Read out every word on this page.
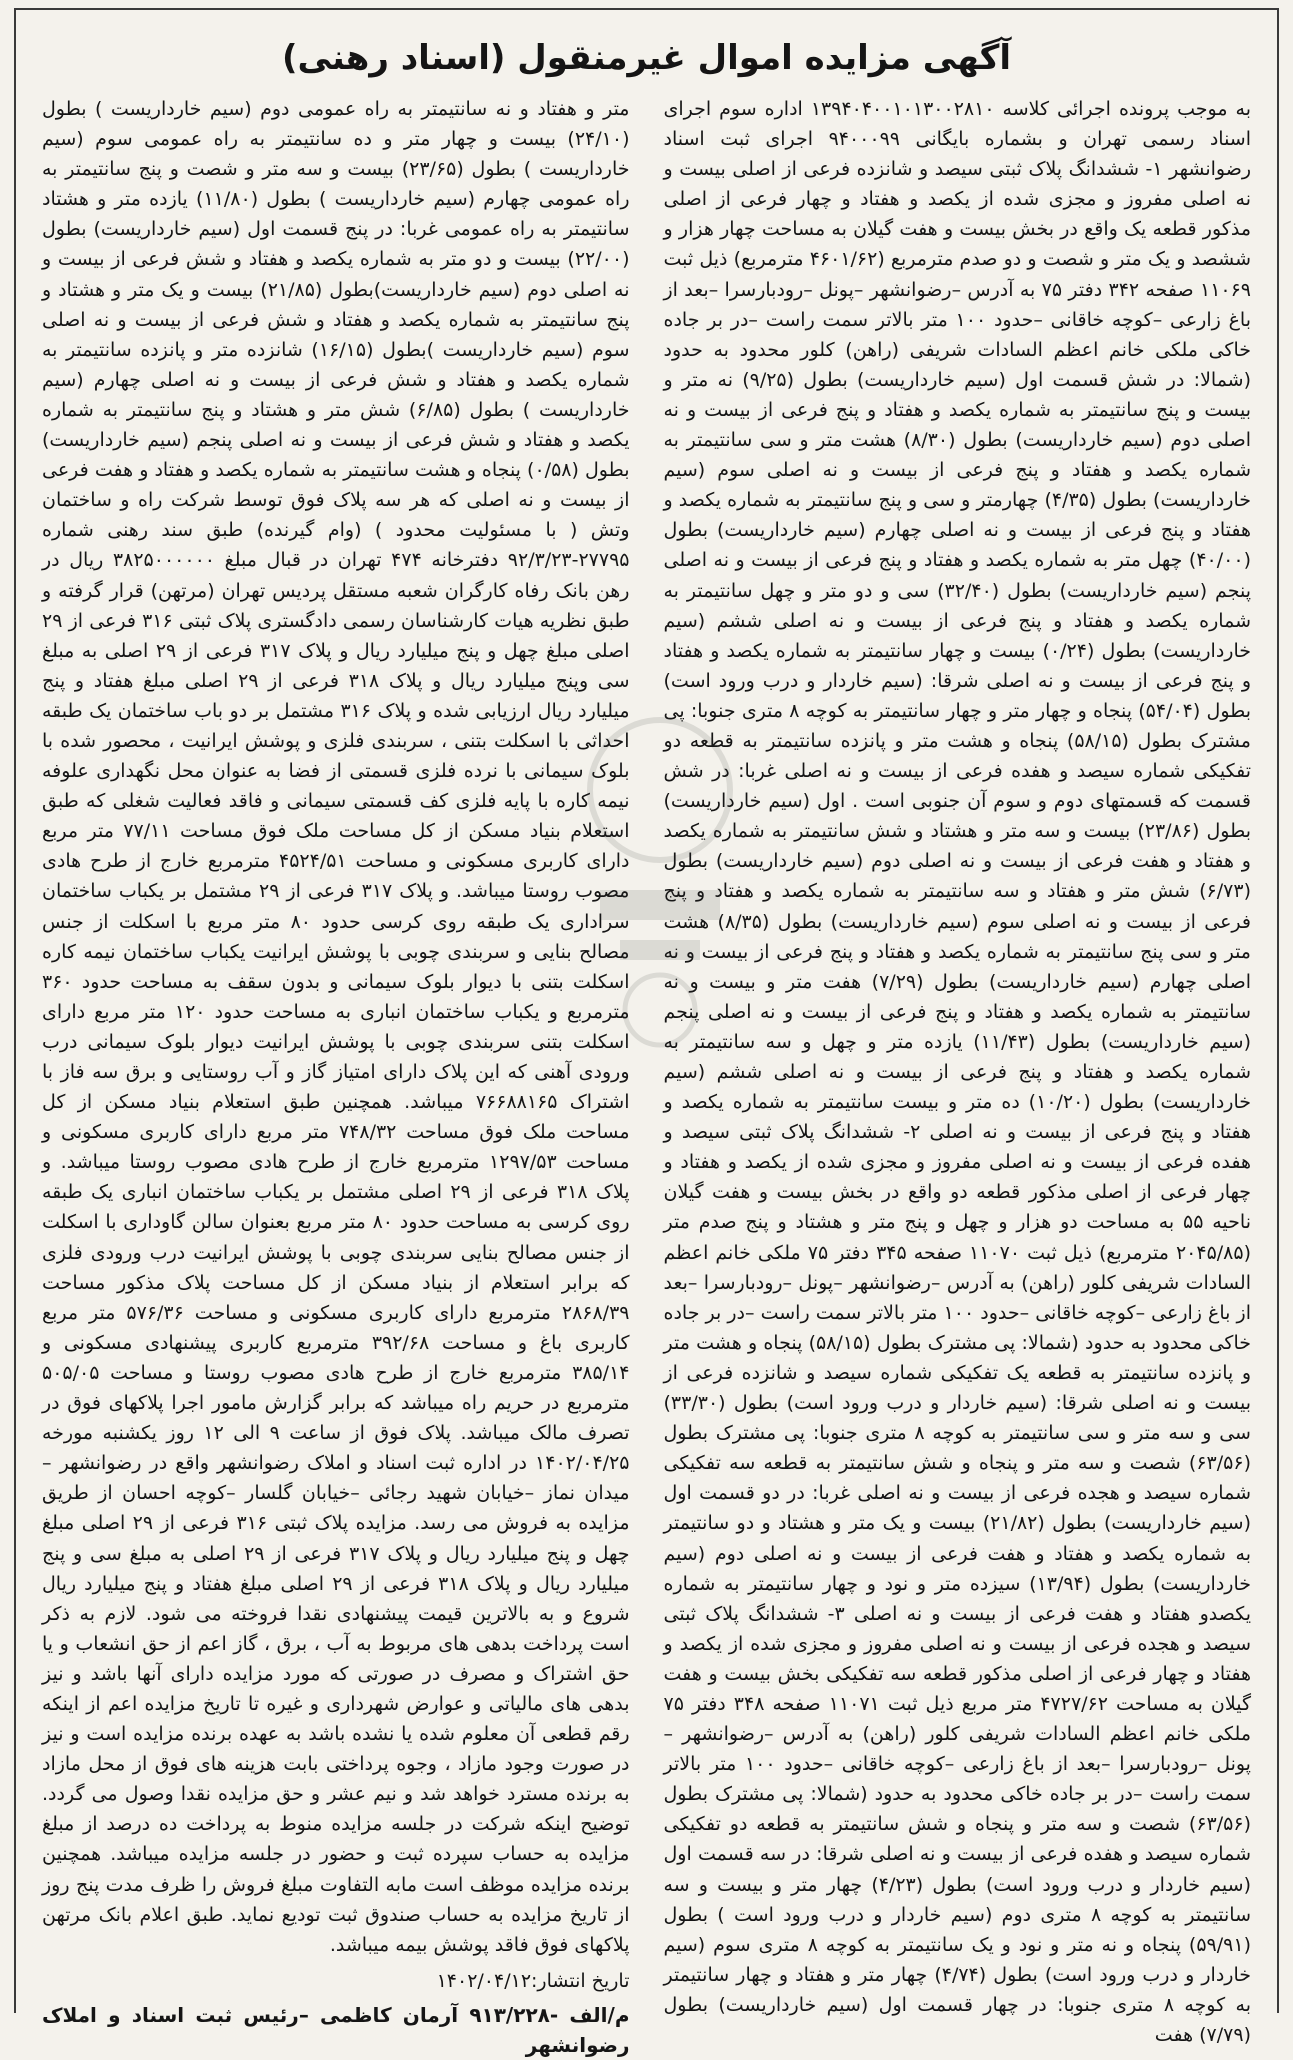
آگهی مزایده اموال غیرمنقول (اسناد رهنی)

به موجب پرونده اجرائی کلاسه ۱۳۹۴۰۴۰۰۱۰۱۳۰۰۲۸۱۰ اداره سوم اجرای اسناد رسمی تهران و بشماره بایگانی ۹۴۰۰۰۹۹ اجرای ثبت اسناد رضوانشهر ۱- ششدانگ پلاک ثبتی سیصد و شانزده فرعی از اصلی بیست و نه اصلی مفروز و مجزی شده از یکصد و هفتاد و چهار فرعی از اصلی مذکور قطعه یک واقع در بخش بیست و هفت گیلان به مساحت چهار هزار و ششصد و یک متر و شصت و دو صدم مترمربع (۴۶۰۱/۶۲ مترمربع) ذیل ثبت ۱۱۰۶۹ صفحه ۳۴۲ دفتر ۷۵ به آدرس –رضوانشهر –پونل –رودبارسرا –بعد از باغ زارعی –کوچه خاقانی –حدود ۱۰۰ متر بالاتر سمت راست –در بر جاده خاکی ملکی خانم اعظم السادات شریفی (راهن) کلور محدود به حدود (شمالا: در شش قسمت اول (سیم خارداریست) بطول (۹/۲۵) نه متر و بیست و پنج سانتیمتر به شماره یکصد و هفتاد و پنج فرعی از بیست و نه اصلی دوم (سیم خارداریست) بطول (۸/۳۰) هشت متر و سی سانتیمتر به شماره یکصد و هفتاد و پنج فرعی از بیست و نه اصلی سوم (سیم خارداریست) بطول (۴/۳۵) چهارمتر و سی و پنج سانتیمتر به شماره یکصد و هفتاد و پنج فرعی از بیست و نه اصلی چهارم (سیم خارداریست) بطول (۴۰/۰۰) چهل متر به شماره یکصد و هفتاد و پنج فرعی از بیست و نه اصلی پنجم (سیم خارداریست) بطول (۳۲/۴۰) سی و دو متر و چهل سانتیمتر به شماره یکصد و هفتاد و پنج فرعی از بیست و نه اصلی ششم (سیم خارداریست) بطول (۰/۲۴) بیست و چهار سانتیمتر به شماره یکصد و هفتاد و پنج فرعی از بیست و نه اصلی شرقا: (سیم خاردار و درب ورود است) بطول (۵۴/۰۴) پنجاه و چهار متر و چهار سانتیمتر به کوچه ۸ متری جنوبا: پی مشترک بطول (۵۸/۱۵) پنجاه و هشت متر و پانزده سانتیمتر به قطعه دو تفکیکی شماره سیصد و هفده فرعی از بیست و نه اصلی غربا: در شش قسمت که قسمتهای دوم و سوم آن جنوبی است . اول (سیم خارداریست) بطول (۲۳/۸۶) بیست و سه متر و هشتاد و شش سانتیمتر به شماره یکصد و هفتاد و هفت فرعی از بیست و نه اصلی دوم (سیم خارداریست) بطول (۶/۷۳) شش متر و هفتاد و سه سانتیمتر به شماره یکصد و هفتاد و پنج فرعی از بیست و نه اصلی سوم (سیم خارداریست) بطول (۸/۳۵) هشت متر و سی پنج سانتیمتر به شماره یکصد و هفتاد و پنج فرعی از بیست و نه اصلی چهارم (سیم خارداریست) بطول (۷/۲۹) هفت متر و بیست و نه سانتیمتر به شماره یکصد و هفتاد و پنج فرعی از بیست و نه اصلی پنجم (سیم خارداریست) بطول (۱۱/۴۳) یازده متر و چهل و سه سانتیمتر به شماره یکصد و هفتاد و پنج فرعی از بیست و نه اصلی ششم (سیم خارداریست) بطول (۱۰/۲۰) ده متر و بیست سانتیمتر به شماره یکصد و هفتاد و پنج فرعی از بیست و نه اصلی ۲- ششدانگ پلاک ثبتی سیصد و هفده فرعی از بیست و نه اصلی مفروز و مجزی شده از یکصد و هفتاد و چهار فرعی از اصلی مذکور قطعه دو واقع در بخش بیست و هفت گیلان ناحیه ۵۵ به مساحت دو هزار و چهل و پنج متر و هشتاد و پنج صدم متر (۲۰۴۵/۸۵ مترمربع) ذیل ثبت ۱۱۰۷۰ صفحه ۳۴۵ دفتر ۷۵ ملکی خانم اعظم السادات شریفی کلور (راهن) به آدرس –رضوانشهر –پونل –رودبارسرا –بعد از باغ زارعی –کوچه خاقانی –حدود ۱۰۰ متر بالاتر سمت راست –در بر جاده خاکی محدود به حدود (شمالا: پی مشترک بطول (۵۸/۱۵) پنجاه و هشت متر و پانزده سانتیمتر به قطعه یک تفکیکی شماره سیصد و شانزده فرعی از بیست و نه اصلی شرقا: (سیم خاردار و درب ورود است) بطول (۳۳/۳۰) سی و سه متر و سی سانتیمتر به کوچه ۸ متری جنوبا: پی مشترک بطول (۶۳/۵۶) شصت و سه متر و پنجاه و شش سانتیمتر به قطعه سه تفکیکی شماره سیصد و هجده فرعی از بیست و نه اصلی غربا: در دو قسمت اول (سیم خارداریست) بطول (۲۱/۸۲) بیست و یک متر و هشتاد و دو سانتیمتر به شماره یکصد و هفتاد و هفت فرعی از بیست و نه اصلی دوم (سیم خارداریست) بطول (۱۳/۹۴) سیزده متر و نود و چهار سانتیمتر به شماره یکصدو هفتاد و هفت فرعی از بیست و نه اصلی ۳- ششدانگ پلاک ثبتی سیصد و هجده فرعی از بیست و نه اصلی مفروز و مجزی شده از یکصد و هفتاد و چهار فرعی از اصلی مذکور قطعه سه تفکیکی بخش بیست و هفت گیلان به مساحت ۴۷۲۷/۶۲ متر مربع ذیل ثبت ۱۱۰۷۱ صفحه ۳۴۸ دفتر ۷۵ ملکی خانم اعظم السادات شریفی کلور (راهن) به آدرس –رضوانشهر –پونل –رودبارسرا –بعد از باغ زارعی –کوچه خاقانی –حدود ۱۰۰ متر بالاتر سمت راست –در بر جاده خاکی محدود به حدود (شمالا: پی مشترک بطول (۶۳/۵۶) شصت و سه متر و پنجاه و شش سانتیمتر به قطعه دو تفکیکی شماره سیصد و هفده فرعی از بیست و نه اصلی شرقا: در سه قسمت اول (سیم خاردار و درب ورود است) بطول (۴/۲۳) چهار متر و بیست و سه سانتیمتر به کوچه ۸ متری دوم (سیم خاردار و درب ورود است ) بطول (۵۹/۹۱) پنجاه و نه متر و نود و یک سانتیمتر به کوچه ۸ متری سوم (سیم خاردار و درب ورود است) بطول (۴/۷۴) چهار متر و هفتاد و چهار سانتیمتر به کوچه ۸ متری جنوبا: در چهار قسمت اول (سیم خارداریست) بطول (۷/۷۹) هفت

متر و هفتاد و نه سانتیمتر به راه عمومی دوم (سیم خارداریست ) بطول (۲۴/۱۰) بیست و چهار متر و ده سانتیمتر به راه عمومی سوم (سیم خارداریست ) بطول (۲۳/۶۵) بیست و سه متر و شصت و پنج سانتیمتر به راه عمومی چهارم (سیم خارداریست ) بطول (۱۱/۸۰) یازده متر و هشتاد سانتیمتر به راه عمومی غربا: در پنج قسمت اول (سیم خارداریست) بطول (۲۲/۰۰) بیست و دو متر به شماره یکصد و هفتاد و شش فرعی از بیست و نه اصلی دوم (سیم خارداریست)بطول (۲۱/۸۵) بیست و یک متر و هشتاد و پنج سانتیمتر به شماره یکصد و هفتاد و شش فرعی از بیست و نه اصلی سوم (سیم خارداریست )بطول (۱۶/۱۵) شانزده متر و پانزده سانتیمتر به شماره یکصد و هفتاد و شش فرعی از بیست و نه اصلی چهارم (سیم خارداریست ) بطول (۶/۸۵) شش متر و هشتاد و پنج سانتیمتر به شماره یکصد و هفتاد و شش فرعی از بیست و نه اصلی پنجم (سیم خارداریست) بطول (۰/۵۸) پنجاه و هشت سانتیمتر به شماره یکصد و هفتاد و هفت فرعی از بیست و نه اصلی که هر سه پلاک فوق توسط شرکت راه و ساختمان وتش ( با مسئولیت محدود ) (وام گیرنده) طبق سند رهنی شماره ۲۷۷۹۵-۹۲/۳/۲۳ دفترخانه ۴۷۴ تهران در قبال مبلغ ۳۸۲۵۰۰۰۰۰۰ ریال در رهن بانک رفاه کارگران شعبه مستقل پردیس تهران (مرتهن) قرار گرفته و طبق نظریه هیات کارشناسان رسمی دادگستری پلاک ثبتی ۳۱۶ فرعی از ۲۹ اصلی مبلغ چهل و پنج میلیارد ریال و پلاک ۳۱۷ فرعی از ۲۹ اصلی به مبلغ سی وپنج میلیارد ریال و پلاک ۳۱۸ فرعی از ۲۹ اصلی مبلغ هفتاد و پنج میلیارد ریال ارزیابی شده و پلاک ۳۱۶ مشتمل بر دو باب ساختمان یک طبقه احداثی با اسکلت بتنی ، سربندی فلزی و پوشش ایرانیت ، محصور شده با بلوک سیمانی با نرده فلزی قسمتی از فضا به عنوان محل نگهداری علوفه نیمه کاره با پایه فلزی کف قسمتی سیمانی و فاقد فعالیت شغلی که طبق استعلام بنیاد مسکن از کل مساحت ملک فوق مساحت ۷۷/۱۱ متر مربع دارای کاربری مسکونی و مساحت ۴۵۲۴/۵۱ مترمربع خارج از طرح هادی مصوب روستا میباشد. و پلاک ۳۱۷ فرعی از ۲۹ مشتمل بر یکباب ساختمان سراداری یک طبقه روی کرسی حدود ۸۰ متر مربع با اسکلت از جنس مصالح بنایی و سربندی چوبی با پوشش ایرانیت یکباب ساختمان نیمه کاره اسکلت بتنی با دیوار بلوک سیمانی و بدون سقف به مساحت حدود ۳۶۰ مترمربع و یکباب ساختمان انباری به مساحت حدود ۱۲۰ متر مربع دارای اسکلت بتنی سربندی چوبی با پوشش ایرانیت دیوار بلوک سیمانی درب ورودی آهنی که این پلاک دارای امتیاز گاز و آب روستایی و برق سه فاز با اشتراک ۷۶۶۸۸۱۶۵ میباشد. همچنین طبق استعلام بنیاد مسکن از کل مساحت ملک فوق مساحت ۷۴۸/۳۲ متر مربع دارای کاربری مسکونی و مساحت ۱۲۹۷/۵۳ مترمربع خارج از طرح هادی مصوب روستا میباشد. و پلاک ۳۱۸ فرعی از ۲۹ اصلی مشتمل بر یکباب ساختمان انباری یک طبقه روی کرسی به مساحت حدود ۸۰ متر مربع بعنوان سالن گاوداری با اسکلت از جنس مصالح بنایی سربندی چوبی با پوشش ایرانیت درب ورودی فلزی که برابر استعلام از بنیاد مسکن از کل مساحت پلاک مذکور مساحت ۲۸۶۸/۳۹ مترمربع دارای کاربری مسکونی و مساحت ۵۷۶/۳۶ متر مربع کاربری باغ و مساحت ۳۹۲/۶۸ مترمربع کاربری پیشنهادی مسکونی و ۳۸۵/۱۴ مترمربع خارج از طرح هادی مصوب روستا و مساحت ۵۰۵/۰۵ مترمربع در حریم راه میباشد که برابر گزارش مامور اجرا پلاکهای فوق در تصرف مالک میباشد. پلاک فوق از ساعت ۹ الی ۱۲ روز یکشنبه مورخه ۱۴۰۲/۰۴/۲۵ در اداره ثبت اسناد و املاک رضوانشهر واقع در رضوانشهر –میدان نماز –خیابان شهید رجائی –خیابان گلسار –کوچه احسان از طریق مزایده به فروش می رسد. مزایده پلاک ثبتی ۳۱۶ فرعی از ۲۹ اصلی مبلغ چهل و پنج میلیارد ریال و پلاک ۳۱۷ فرعی از ۲۹ اصلی به مبلغ سی و پنج میلیارد ریال و پلاک ۳۱۸ فرعی از ۲۹ اصلی مبلغ هفتاد و پنج میلیارد ریال شروع و به بالاترین قیمت پیشنهادی نقدا فروخته می شود. لازم به ذکر است پرداخت بدهی های مربوط به آب ، برق ، گاز اعم از حق انشعاب و یا حق اشتراک و مصرف در صورتی که مورد مزایده دارای آنها باشد و نیز بدهی های مالیاتی و عوارض شهرداری و غیره تا تاریخ مزایده اعم از اینکه رقم قطعی آن معلوم شده یا نشده باشد به عهده برنده مزایده است و نیز در صورت وجود مازاد ، وجوه پرداختی بابت هزینه های فوق از محل مازاد به برنده مسترد خواهد شد و نیم عشر و حق مزایده نقدا وصول می گردد. توضیح اینکه شرکت در جلسه مزایده منوط به پرداخت ده درصد از مبلغ مزایده به حساب سپرده ثبت و حضور در جلسه مزایده میباشد. همچنین برنده مزایده موظف است مابه التفاوت مبلغ فروش را ظرف مدت پنج روز از تاریخ مزایده به حساب صندوق ثبت تودیع نماید. طبق اعلام بانک مرتهن پلاکهای فوق فاقد پوشش بیمه میباشد.

تاریخ انتشار:۱۴۰۲/۰۴/۱۲
م/الف -۹۱۳/۲۲۸ آرمان کاظمی –رئیس ثبت اسناد و املاک رضوانشهر
